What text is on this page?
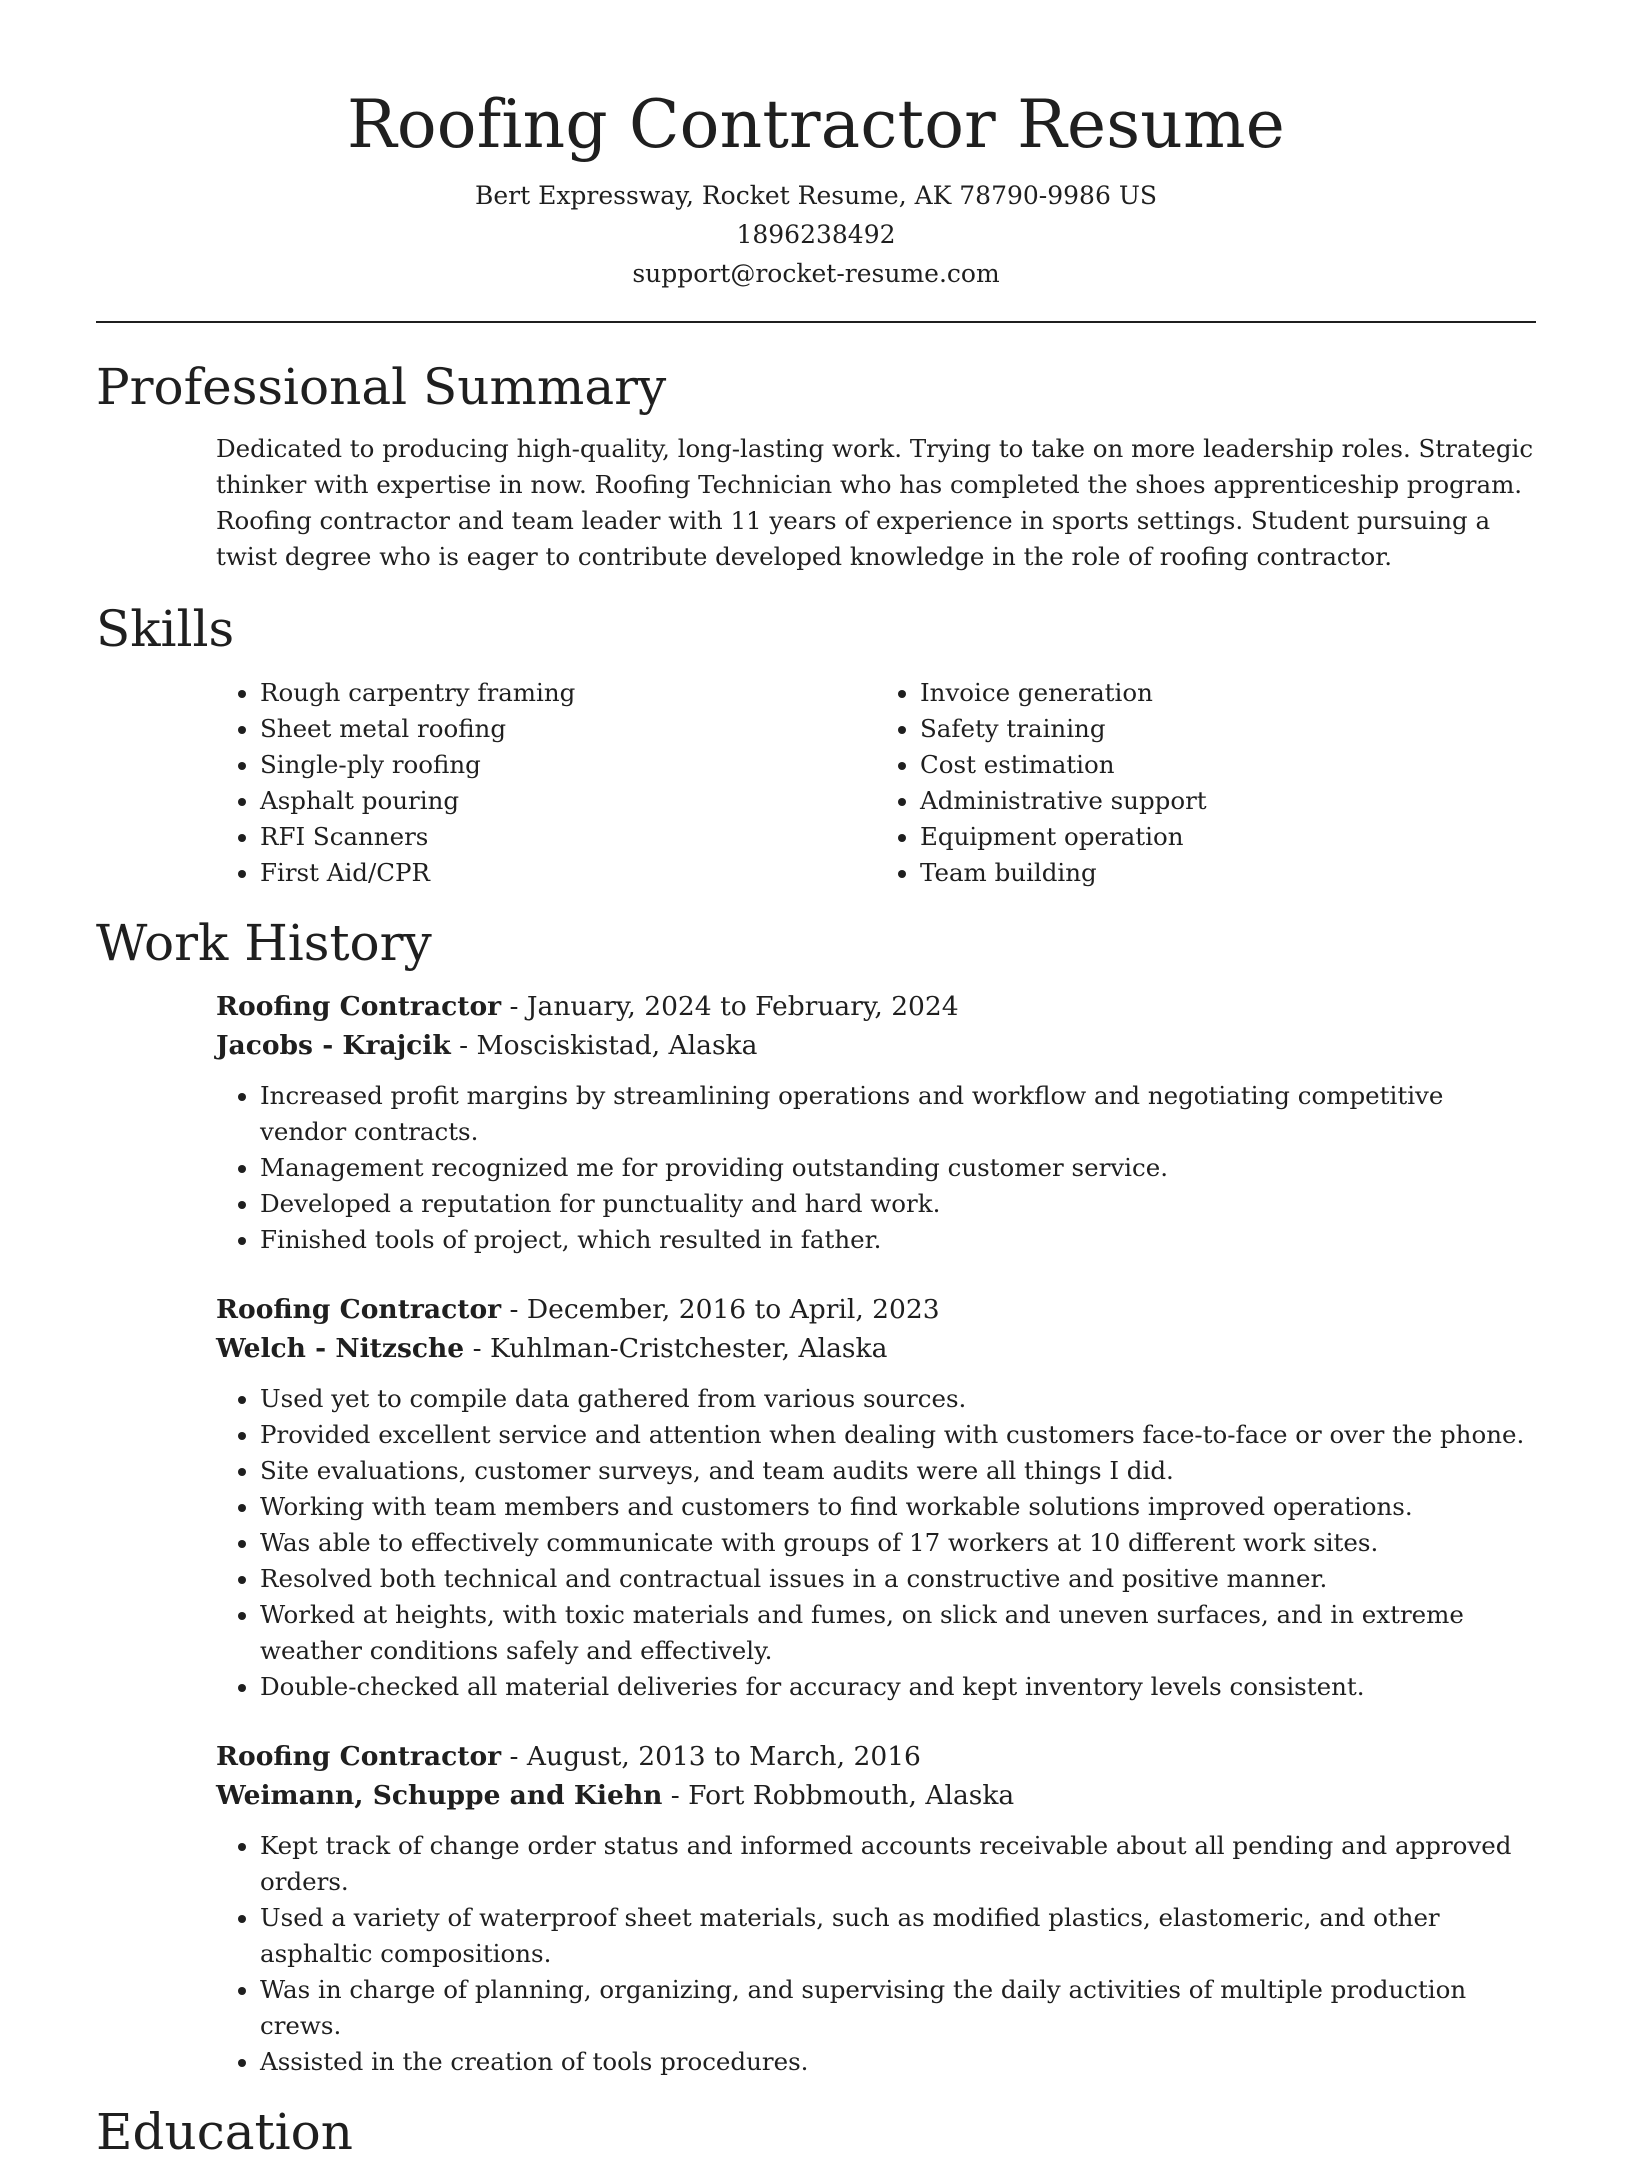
Roofing Contractor Resume
Bert Expressway, Rocket Resume, AK 78790-9986 US
1896238492
support@rocket-resume.com
Professional Summary

Dedicated to producing high-quality, long-lasting work. Trying to take on more leadership roles. Strategic thinker with expertise in now. Roofing Technician who has completed the shoes apprenticeship program. Roofing contractor and team leader with 11 years of experience in sports settings. Student pursuing a twist degree who is eager to contribute developed knowledge in the role of roofing contractor.

Skills
• Rough carpentry framing
• Sheet metal roofing
• Single-ply roofing
• Asphalt pouring
• RFI Scanners
• First Aid/CPR
• Invoice generation
• Safety training
• Cost estimation
• Administrative support
• Equipment operation
• Team building
Work History
Roofing Contractor - January, 2024 to February, 2024
Jacobs - Krajcik - Mosciskistad, Alaska
• Increased profit margins by streamlining operations and workflow and negotiating competitive vendor contracts.
• Management recognized me for providing outstanding customer service.
• Developed a reputation for punctuality and hard work.
• Finished tools of project, which resulted in father.
Roofing Contractor - December, 2016 to April, 2023
Welch - Nitzsche - Kuhlman-Cristchester, Alaska
• Used yet to compile data gathered from various sources.
• Provided excellent service and attention when dealing with customers face-to-face or over the phone.
• Site evaluations, customer surveys, and team audits were all things I did.
• Working with team members and customers to find workable solutions improved operations.
• Was able to effectively communicate with groups of 17 workers at 10 different work sites.
• Resolved both technical and contractual issues in a constructive and positive manner.
• Worked at heights, with toxic materials and fumes, on slick and uneven surfaces, and in extreme weather conditions safely and effectively.
• Double-checked all material deliveries for accuracy and kept inventory levels consistent.
Roofing Contractor - August, 2013 to March, 2016
Weimann, Schuppe and Kiehn - Fort Robbmouth, Alaska
• Kept track of change order status and informed accounts receivable about all pending and approved orders.
• Used a variety of waterproof sheet materials, such as modified plastics, elastomeric, and other asphaltic compositions.
• Was in charge of planning, organizing, and supervising the daily activities of multiple production crews.
• Assisted in the creation of tools procedures.
Education
